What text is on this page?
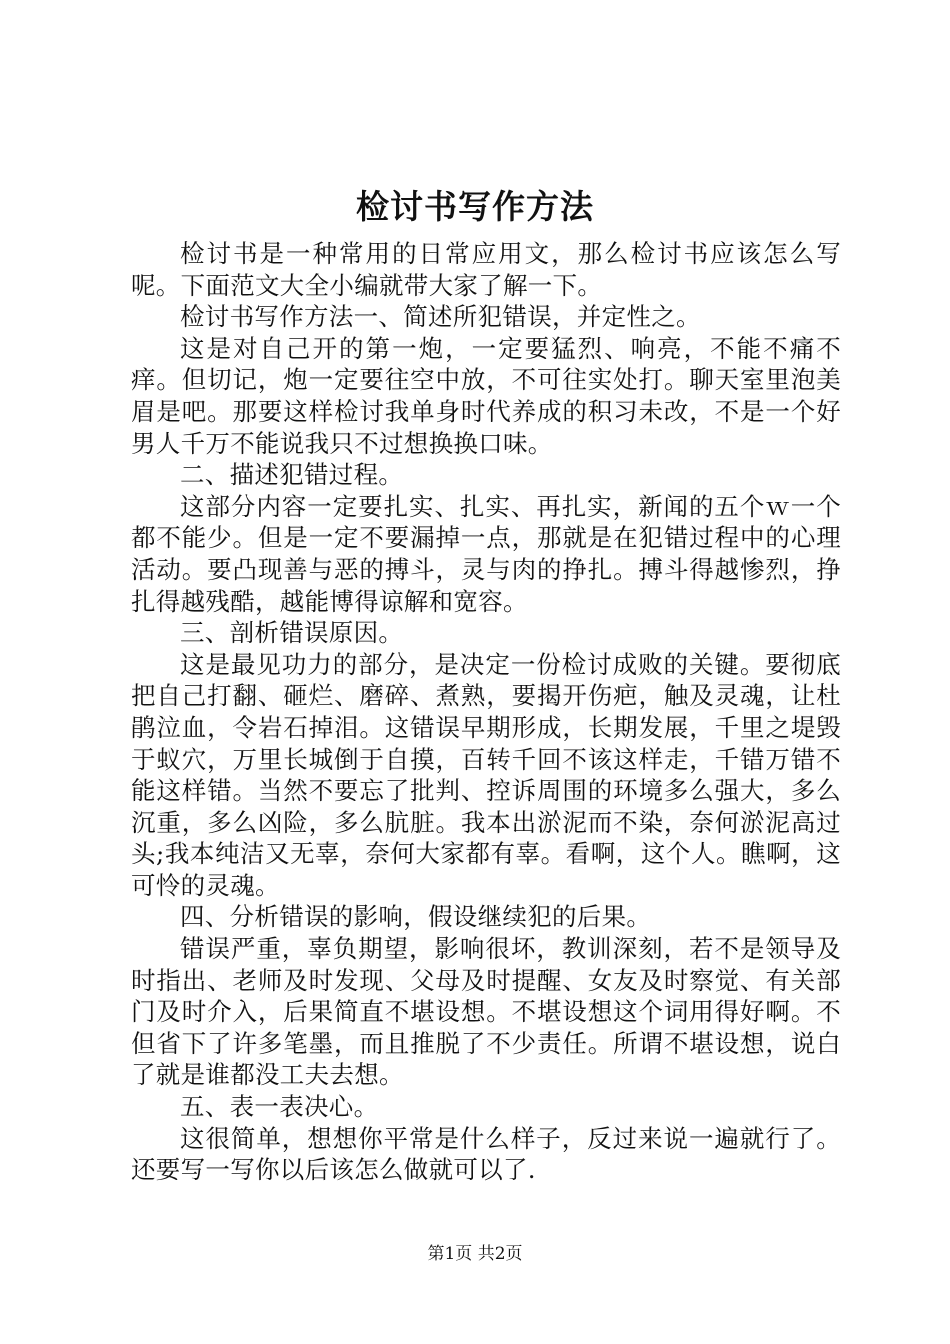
检讨书写作方法

检讨书是一种常用的日常应用文，那么检讨书应该怎么写呢。下面范文大全小编就带大家了解一下。

检讨书写作方法一、简述所犯错误，并定性之。

这是对自己开的第一炮，一定要猛烈、响亮，不能不痛不痒。但切记，炮一定要往空中放，不可往实处打。聊天室里泡美眉是吧。那要这样检讨我单身时代养成的积习未改，不是一个好男人千万不能说我只不过想换换口味。

二、描述犯错过程。

这部分内容一定要扎实、扎实、再扎实，新闻的五个ｗ一个都不能少。但是一定不要漏掉一点，那就是在犯错过程中的心理活动。要凸现善与恶的搏斗，灵与肉的挣扎。搏斗得越惨烈，挣扎得越残酷，越能博得谅解和宽容。

三、剖析错误原因。

这是最见功力的部分，是决定一份检讨成败的关键。要彻底把自己打翻、砸烂、磨碎、煮熟，要揭开伤疤，触及灵魂，让杜鹃泣血，令岩石掉泪。这错误早期形成，长期发展，千里之堤毁于蚁穴，万里长城倒于自摸，百转千回不该这样走，千错万错不能这样错。当然不要忘了批判、控诉周围的环境多么强大，多么沉重，多么凶险，多么肮脏。我本出淤泥而不染，奈何淤泥高过头;我本纯洁又无辜，奈何大家都有辜。看啊，这个人。瞧啊，这可怜的灵魂。

四、分析错误的影响，假设继续犯的后果。

错误严重，辜负期望，影响很坏，教训深刻，若不是领导及时指出、老师及时发现、父母及时提醒、女友及时察觉、有关部门及时介入，后果简直不堪设想。不堪设想这个词用得好啊。不但省下了许多笔墨，而且推脱了不少责任。所谓不堪设想，说白了就是谁都没工夫去想。

五、表一表决心。

这很简单，想想你平常是什么样子，反过来说一遍就行了。还要写一写你以后该怎么做就可以了.

第1页 共2页
